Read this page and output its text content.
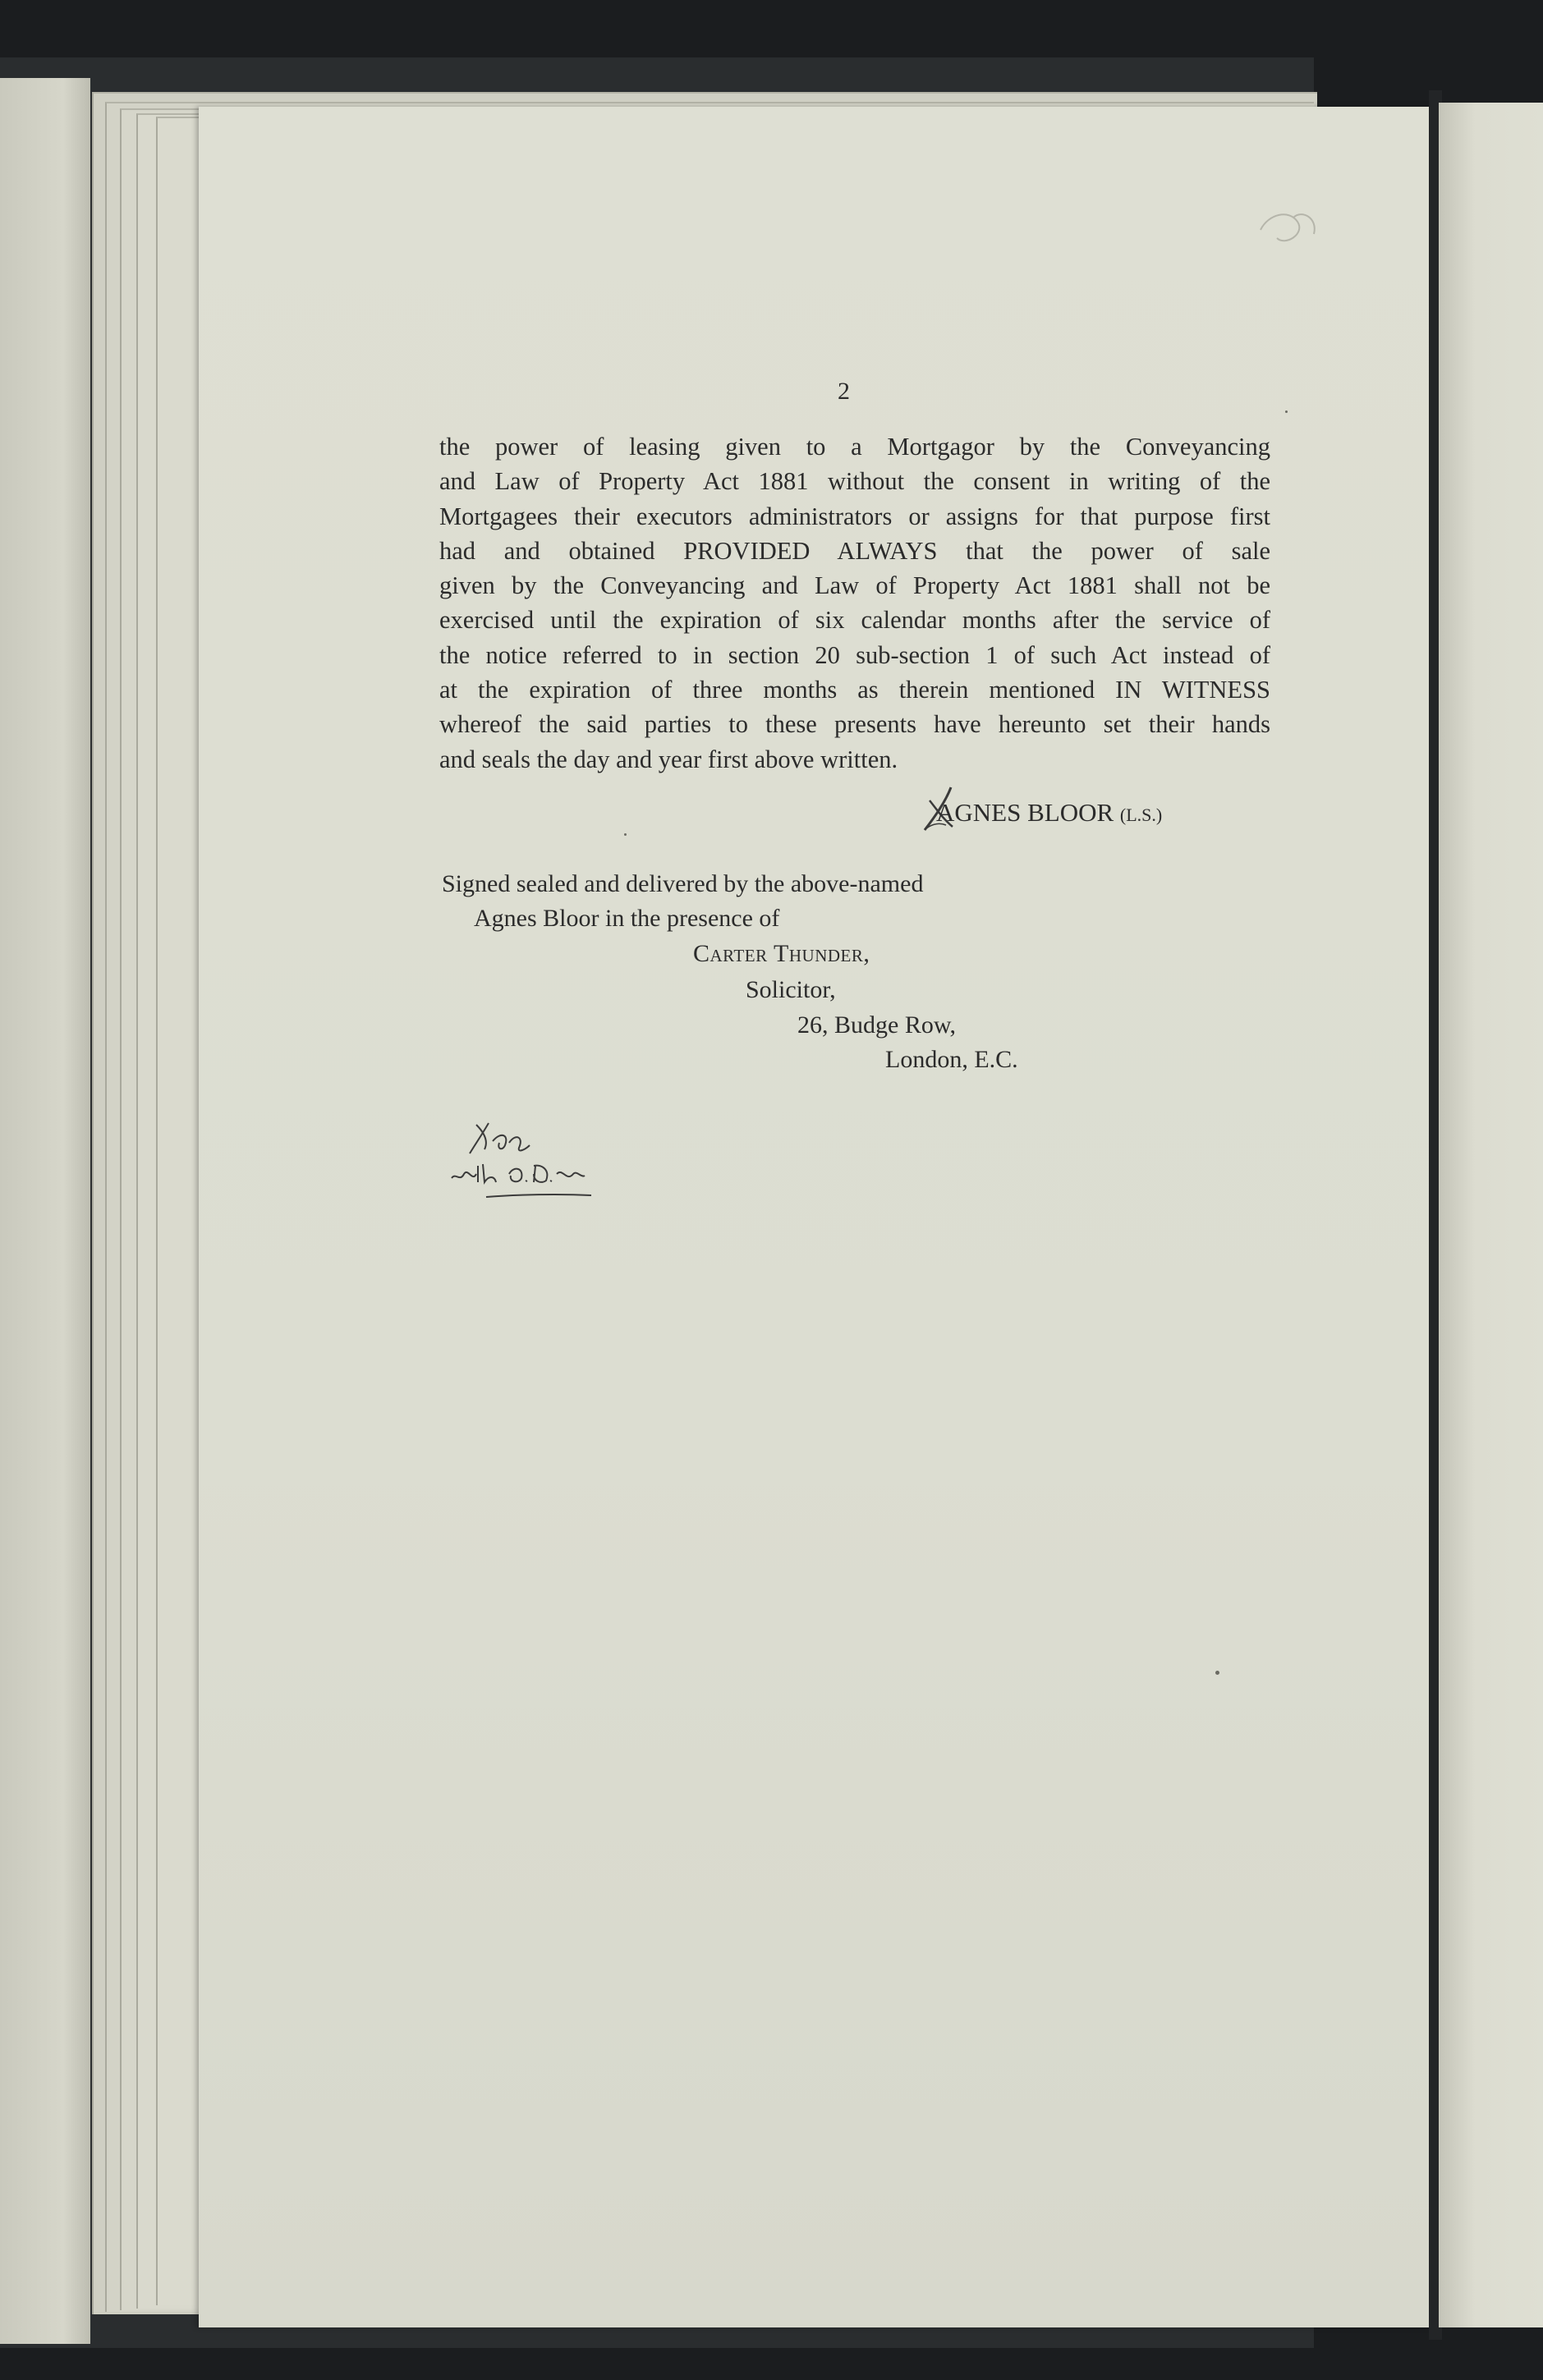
2
the power of leasing given to a Mortgagor by the Conveyancing
and Law of Property Act 1881 without the consent in writing of the
Mortgagees their executors administrators or assigns for that purpose first
had and obtained PROVIDED ALWAYS that the power of sale
given by the Conveyancing and Law of Property Act 1881 shall not be
exercised until the expiration of six calendar months after the service of
the notice referred to in section 20 sub-section 1 of such Act instead of
at the expiration of three months as therein mentioned IN WITNESS
whereof the said parties to these presents have hereunto set their hands
and seals the day and year first above written.
AGNES BLOOR (L.S.)
Signed sealed and delivered by the above-named
Agnes Bloor in the presence of
Carter Thunder,
Solicitor,
26, Budge Row,
London, E.C.
